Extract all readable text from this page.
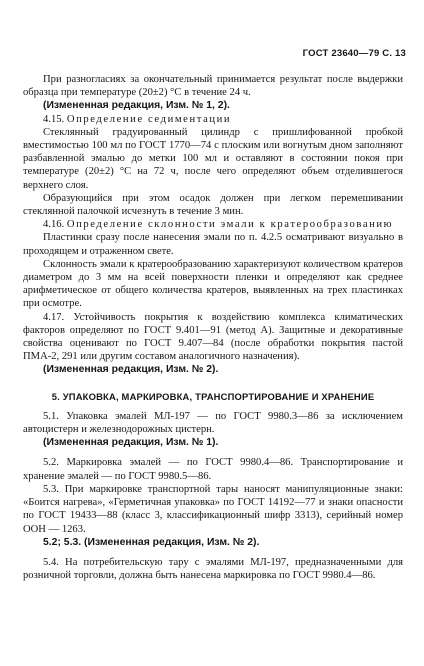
ГОСТ 23640—79 С. 13

При разногласиях за окончательный принимается результат после выдержки образца при температуре (20±2) °С в течение 24 ч.

(Измененная редакция, Изм. № 1, 2).

4.15. Определение седиментации

Стеклянный градуированный цилиндр с пришлифованной пробкой вместимостью 100 мл по ГОСТ 1770—74 с плоским или вогнутым дном заполняют разбавленной эмалью до метки 100 мл и оставляют в состоянии покоя при температуре (20±2) °С на 72 ч, после чего определяют объем отделившегося верхнего слоя.

Образующийся при этом осадок должен при легком перемешивании стеклянной палочкой исчезнуть в течение 3 мин.

4.16. Определение склонности эмали к кратерообразованию

Пластинки сразу после нанесения эмали по п. 4.2.5 осматривают визуально в проходящем и отраженном свете.

Склонность эмали к кратерообразованию характеризуют количеством кратеров диаметром до 3 мм на всей поверхности пленки и определяют как среднее арифметическое от общего количества кратеров, выявленных на трех пластинках при осмотре.

4.17. Устойчивость покрытия к воздействию комплекса климатических факторов определяют по ГОСТ 9.401—91 (метод А). Защитные и декоративные свойства оценивают по ГОСТ 9.407—84 (после обработки покрытия пастой ПМА-2, 291 или другим составом аналогичного назначения).

(Измененная редакция, Изм. № 2).

5. УПАКОВКА, МАРКИРОВКА, ТРАНСПОРТИРОВАНИЕ И ХРАНЕНИЕ

5.1. Упаковка эмалей МЛ-197 — по ГОСТ 9980.3—86 за исключением автоцистерн и железнодорожных цистерн.

(Измененная редакция, Изм. № 1).

5.2. Маркировка эмалей — по ГОСТ 9980.4—86. Транспортирование и хранение эмалей — по ГОСТ 9980.5—86.

5.3. При маркировке транспортной тары наносят манипуляционные знаки: «Боится нагрева», «Герметичная упаковка» по ГОСТ 14192—77 и знаки опасности по ГОСТ 19433—88 (класс 3, классификационный шифр 3313), серийный номер ООН — 1263.

5.2; 5.3. (Измененная редакция, Изм. № 2).

5.4. На потребительскую тару с эмалями МЛ-197, предназначенными для розничной торговли, должна быть нанесена маркировка по ГОСТ 9980.4—86.
